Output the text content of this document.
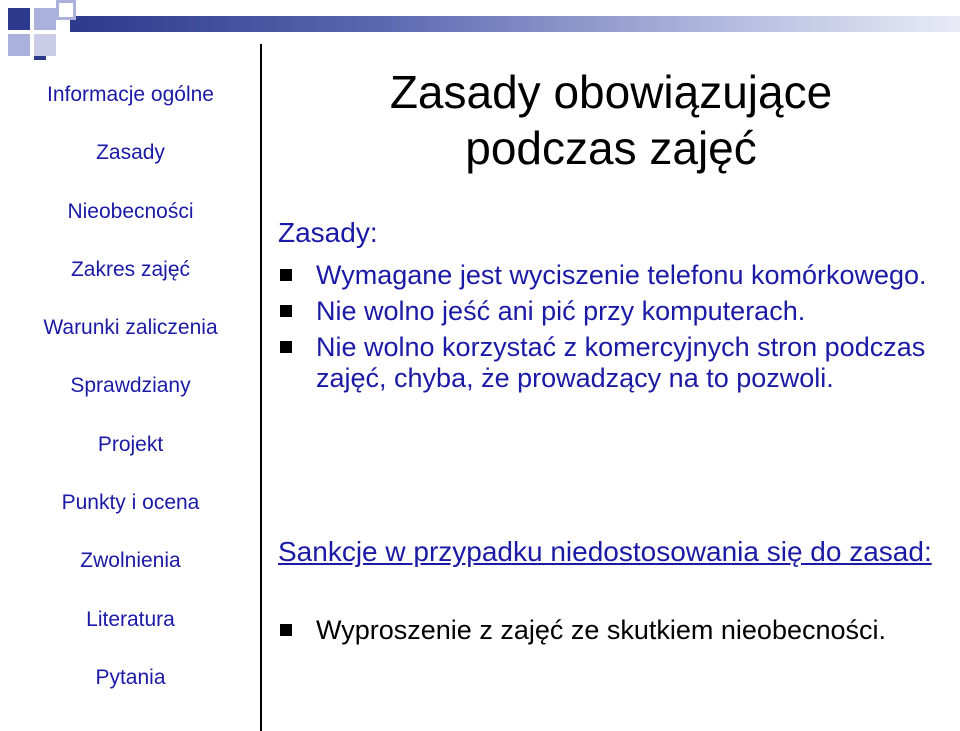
Informacje ogólne
Zasady
Nieobecności
Zakres zajęć
Warunki zaliczenia
Sprawdziany
Projekt
Punkty i ocena
Zwolnienia
Literatura
Pytania
Zasady obowiązujące
podczas zajęć
Zasady:
Wymagane jest wyciszenie telefonu komórkowego.
Nie wolno jeść ani pić przy komputerach.
Nie wolno korzystać z komercyjnych stron podczas zajęć, chyba, że prowadzący na to pozwoli.
Sankcje w przypadku niedostosowania się do zasad:
Wyproszenie z zajęć ze skutkiem nieobecności.
